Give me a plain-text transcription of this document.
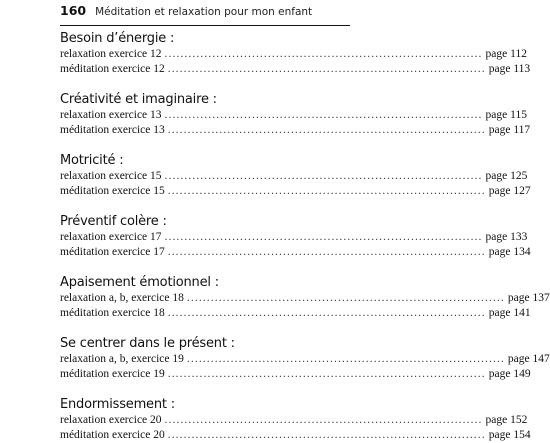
160 Méditation et relaxation pour mon enfant
Besoin d’énergie :
relaxation exercice 12 ................................................................................ page 112
méditation exercice 12 ................................................................................ page 113
Créativité et imaginaire :
relaxation exercice 13 ................................................................................ page 115
méditation exercice 13 ................................................................................ page 117
Motricité :
relaxation exercice 15 ................................................................................ page 125
méditation exercice 15 ................................................................................ page 127
Préventif colère :
relaxation exercice 17 ................................................................................ page 133
méditation exercice 17 ................................................................................ page 134
Apaisement émotionnel :
relaxation a, b, exercice 18 ................................................................................ page 137
méditation exercice 18 ................................................................................ page 141
Se centrer dans le présent :
relaxation a, b, exercice 19 ................................................................................ page 147
méditation exercice 19 ................................................................................ page 149
Endormissement :
relaxation exercice 20 ................................................................................ page 152
méditation exercice 20 ................................................................................ page 154
